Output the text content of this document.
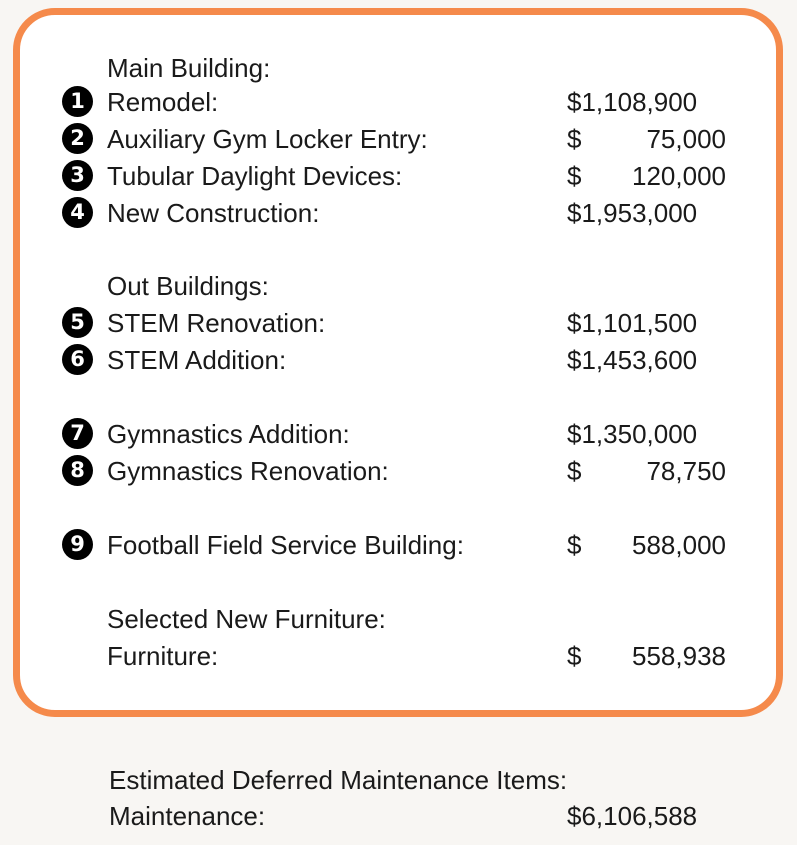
Main Building:
1 Remodel:	$1,108,900
2 Auxiliary Gym Locker Entry:	$	75,000
3 Tubular Daylight Devices:	$ 120,000
4 New Construction:	$1,953,000
Out Buildings:
5 STEM Renovation:	$1,101,500
6 STEM Addition:	$1,453,600
7 Gymnastics Addition:	$1,350,000
8 Gymnastics Renovation:	$	78,750
9 Football Field Service Building:	$ 588,000
Selected New Furniture:
Furniture:	$ 558,938
Estimated Deferred Maintenance Items:
Maintenance:	$6,106,588
